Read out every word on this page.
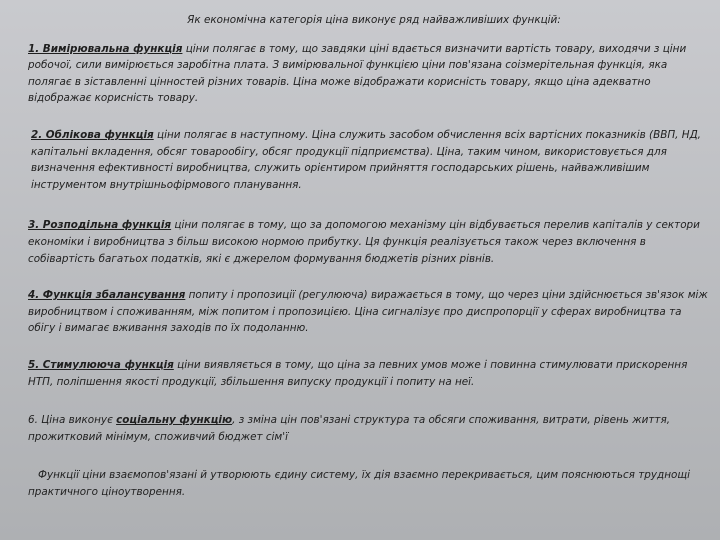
Як економічна категорія ціна виконує ряд найважливіших функцій:

1. Вимірювальна функція ціни полягає в тому, що завдяки ціні вдається визначити вартість товару, виходячи з ціни робочої, сили вимірюється заробітна плата. З вимірювальної функцією ціни пов'язана соізмерітельная функція, яка полягає в зіставленні цінностей різних товарів. Ціна може відображати корисність товару, якщо ціна адекватно відображає корисність товару.

2. Облікова функція ціни полягає в наступному. Ціна служить засобом обчислення всіх вартісних показників (ВВП, НД, капітальні вкладення, обсяг товарообігу, обсяг продукції підприємства). Ціна, таким чином, використовується для визначення ефективності виробництва, служить орієнтиром прийняття господарських рішень, найважливішим інструментом внутрішньофірмового планування.

3. Розподільна функція ціни полягає в тому, що за допомогою механізму цін відбувається перелив капіталів у сектори економіки і виробництва з більш високою нормою прибутку. Ця функція реалізується також через включення в собівартість багатьох податків, які є джерелом формування бюджетів різних рівнів.

4. Функція збалансування попиту і пропозиції (регулююча) виражається в тому, що через ціни здійснюється зв'язок між виробництвом і споживанням, між попитом і пропозицією. Ціна сигналізує про диспропорції у сферах виробництва та обігу і вимагає вживання заходів по їх подоланню.

5. Стимулююча функція ціни виявляється в тому, що ціна за певних умов може і повинна стимулювати прискорення НТП, поліпшення якості продукції, збільшення випуску продукції і попиту на неї.

6. Ціна виконує соціальну функцію, з зміна цін пов'язані структура та обсяги споживання, витрати, рівень життя, прожитковий мінімум, споживчий бюджет сім'ї

Функції ціни взаємопов'язані й утворюють єдину систему, їх дія взаємно перекривається, цим пояснюються труднощі практичного ціноутворення.
